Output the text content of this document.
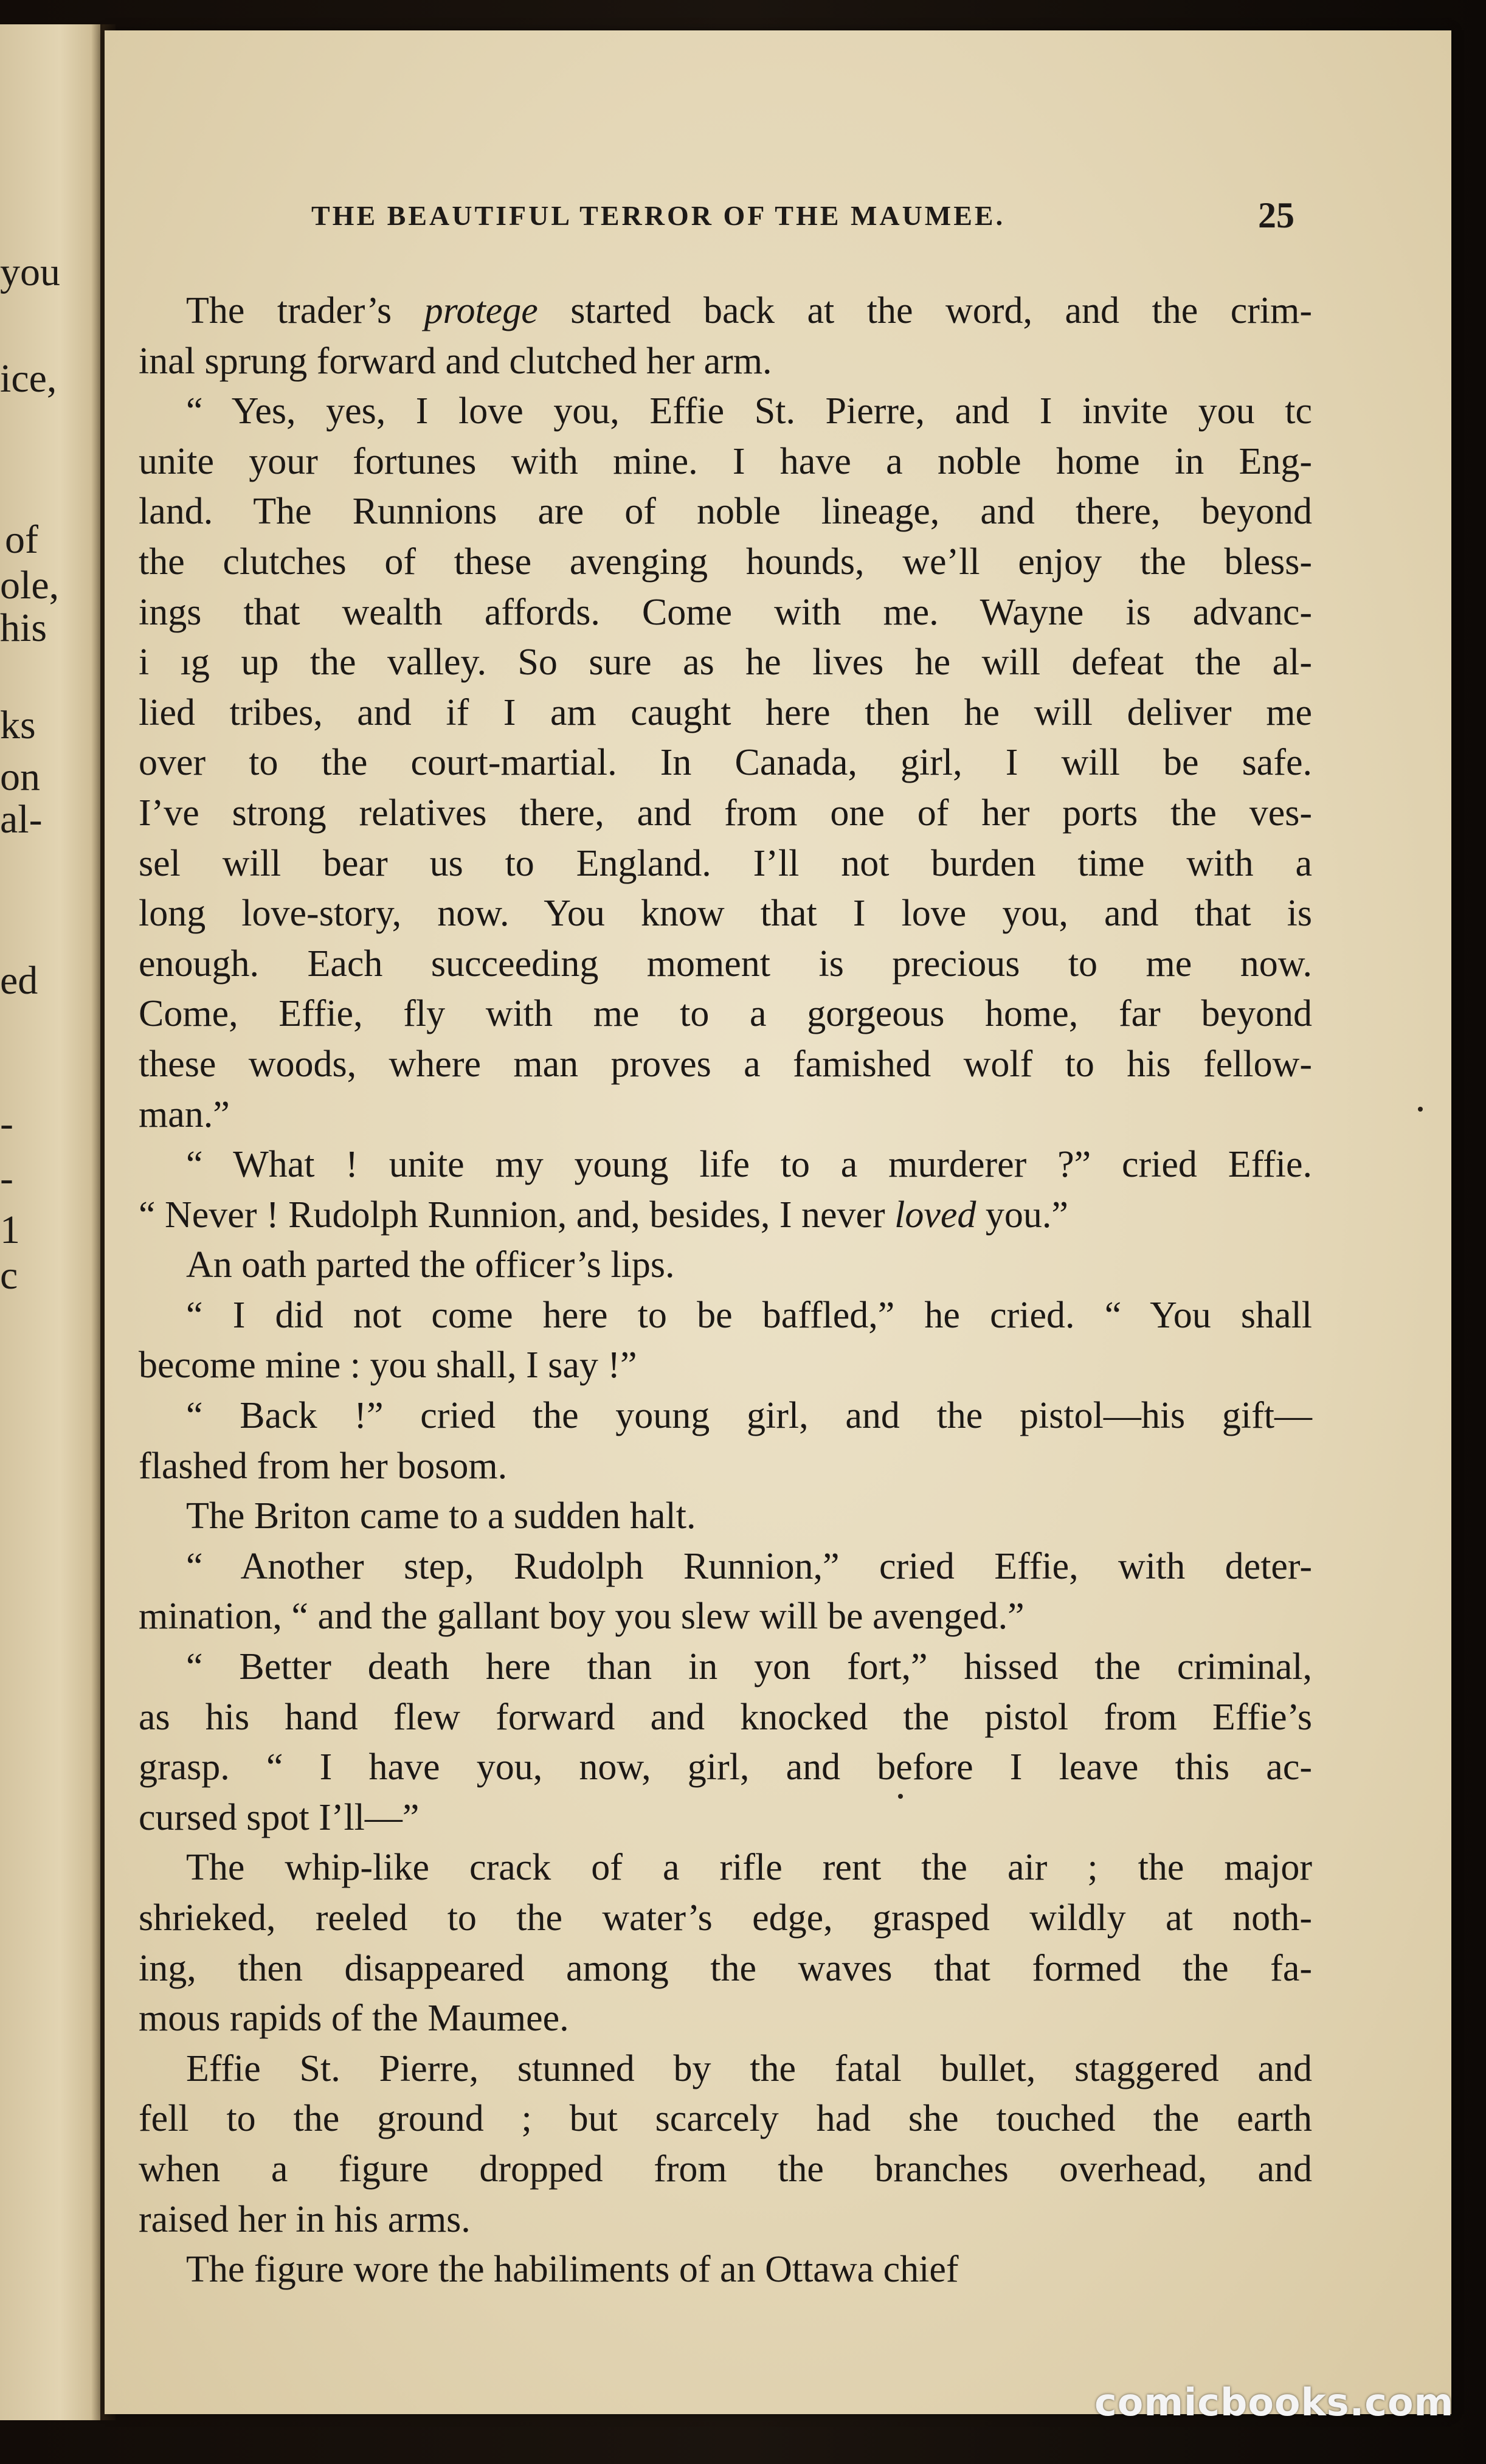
you
ice,
of
ole,
his
ks
on
al-
ed
-
-
1
c
THE BEAUTIFUL TERROR OF THE MAUMEE.	25
The trader’s protege started back at the word, and the crim-
inal sprung forward and clutched her arm.
“ Yes, yes, I love you, Effie St. Pierre, and I invite you tc
unite your fortunes with mine. I have a noble home in Eng-
land. The Runnions are of noble lineage, and there, beyond
the clutches of these avenging hounds, we’ll enjoy the bless-
ings that wealth affords. Come with me. Wayne is advanc-
i ıg up the valley. So sure as he lives he will defeat the al-
lied tribes, and if I am caught here then he will deliver me
over to the court-martial. In Canada, girl, I will be safe.
I’ve strong relatives there, and from one of her ports the ves-
sel will bear us to England. I’ll not burden time with a
long love-story, now. You know that I love you, and that is
enough. Each succeeding moment is precious to me now.
Come, Effie, fly with me to a gorgeous home, far beyond
these woods, where man proves a famished wolf to his fellow-
man.”
“ What ! unite my young life to a murderer ?” cried Effie.
“ Never ! Rudolph Runnion, and, besides, I never loved you.”
An oath parted the officer’s lips.
“ I did not come here to be baffled,” he cried. “ You shall
become mine : you shall, I say !”
“ Back !” cried the young girl, and the pistol—his gift—
flashed from her bosom.
The Briton came to a sudden halt.
“ Another step, Rudolph Runnion,” cried Effie, with deter-
mination, “ and the gallant boy you slew will be avenged.”
“ Better death here than in yon fort,” hissed the criminal,
as his hand flew forward and knocked the pistol from Effie’s
grasp. “ I have you, now, girl, and before I leave this ac-
cursed spot I’ll—”
The whip-like crack of a rifle rent the air ; the major
shrieked, reeled to the water’s edge, grasped wildly at noth-
ing, then disappeared among the waves that formed the fa-
mous rapids of the Maumee.
Effie St. Pierre, stunned by the fatal bullet, staggered and
fell to the ground ; but scarcely had she touched the earth
when a figure dropped from the branches overhead, and
raised her in his arms.
The figure wore the habiliments of an Ottawa chief
comicbooks.com
